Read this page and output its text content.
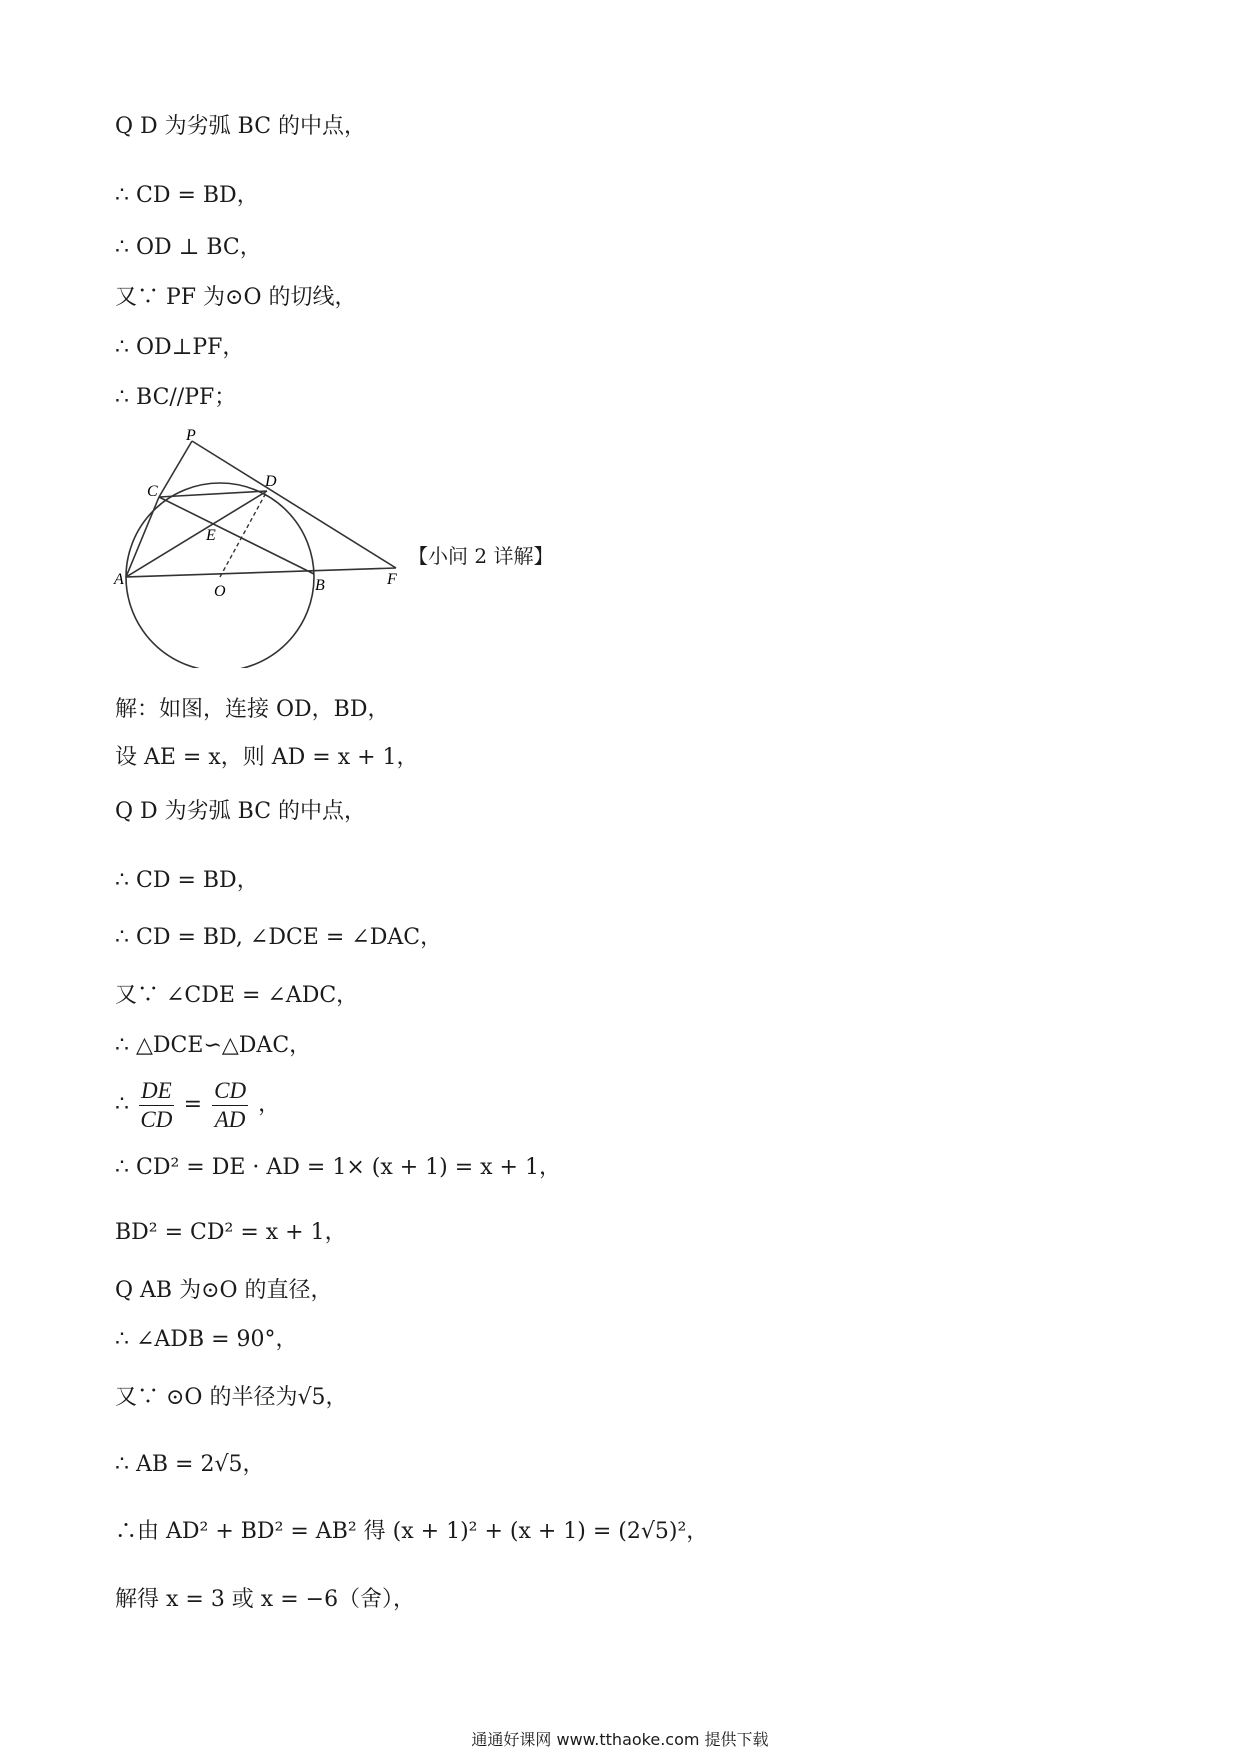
Q D 为劣弧 BC 的中点，
∴ CD = BD，
∴ OD ⊥ BC，
又∵ PF 为⊙O 的切线，
∴ OD⊥PF，
∴ BC//PF；
P
C
D
E
A
O	B	F
【小问 2 详解】
解：如图，连接 OD，BD，
设 AE = x，则 AD = x + 1，
Q D 为劣弧 BC 的中点，
∴ CD = BD，
∴ CD = BD, ∠DCE = ∠DAC，
又∵ ∠CDE = ∠ADC，
∴ △DCE∽△DAC，
∴ $\frac{DE}{CD} = \frac{CD}{AD}$ ，
∴ CD² = DE · AD = 1× (x + 1) = x + 1，
BD² = CD² = x + 1，
Q AB 为⊙O 的直径，
∴ ∠ADB = 90°，
又∵ ⊙O 的半径为√5，
∴ AB = 2√5，
∴由 AD² + BD² = AB² 得 (x + 1)² + (x + 1) = (2√5)²，
解得 x = 3 或 x = −6（舍），
通通好课网 www.tthaoke.com 提供下载
